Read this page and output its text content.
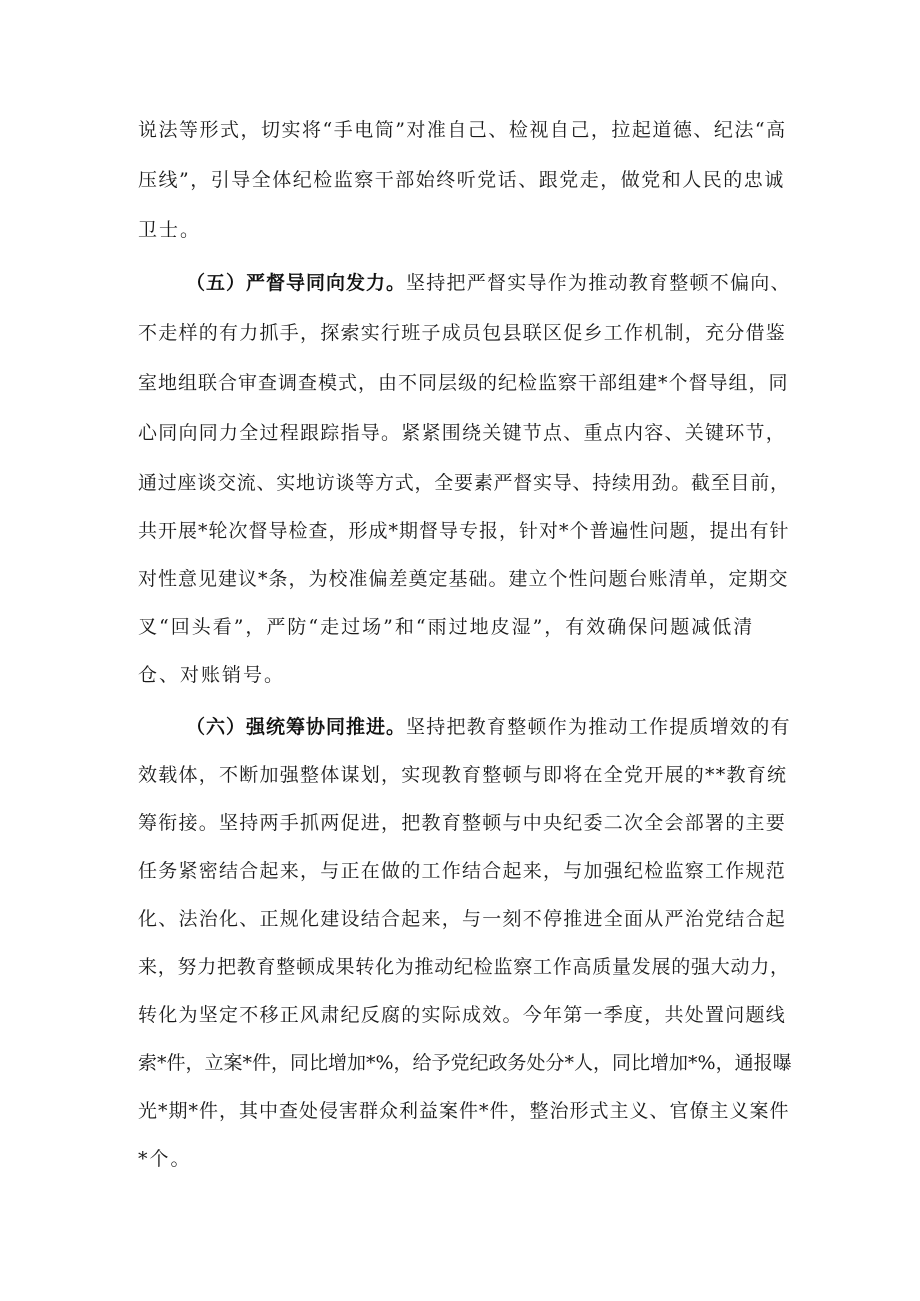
说法等形式，切实将“手电筒”对准自己、检视自己，拉起道德、纪法“高

压线”，引导全体纪检监察干部始终听党话、跟党走，做党和人民的忠诚

卫士。

（五）严督导同向发力。坚持把严督实导作为推动教育整顿不偏向、

不走样的有力抓手，探索实行班子成员包县联区促乡工作机制，充分借鉴

室地组联合审查调查模式，由不同层级的纪检监察干部组建*个督导组，同

心同向同力全过程跟踪指导。紧紧围绕关键节点、重点内容、关键环节，

通过座谈交流、实地访谈等方式，全要素严督实导、持续用劲。截至目前，

共开展*轮次督导检查，形成*期督导专报，针对*个普遍性问题，提出有针

对性意见建议*条，为校准偏差奠定基础。建立个性问题台账清单，定期交

叉“回头看”，严防“走过场”和“雨过地皮湿”，有效确保问题减低清

仓、对账销号。

（六）强统筹协同推进。坚持把教育整顿作为推动工作提质增效的有

效载体，不断加强整体谋划，实现教育整顿与即将在全党开展的**教育统

筹衔接。坚持两手抓两促进，把教育整顿与中央纪委二次全会部署的主要

任务紧密结合起来，与正在做的工作结合起来，与加强纪检监察工作规范

化、法治化、正规化建设结合起来，与一刻不停推进全面从严治党结合起

来，努力把教育整顿成果转化为推动纪检监察工作高质量发展的强大动力，

转化为坚定不移正风肃纪反腐的实际成效。今年第一季度，共处置问题线

索*件，立案*件，同比增加*%，给予党纪政务处分*人，同比增加*%，通报曝

光*期*件，其中查处侵害群众利益案件*件，整治形式主义、官僚主义案件

*个。
